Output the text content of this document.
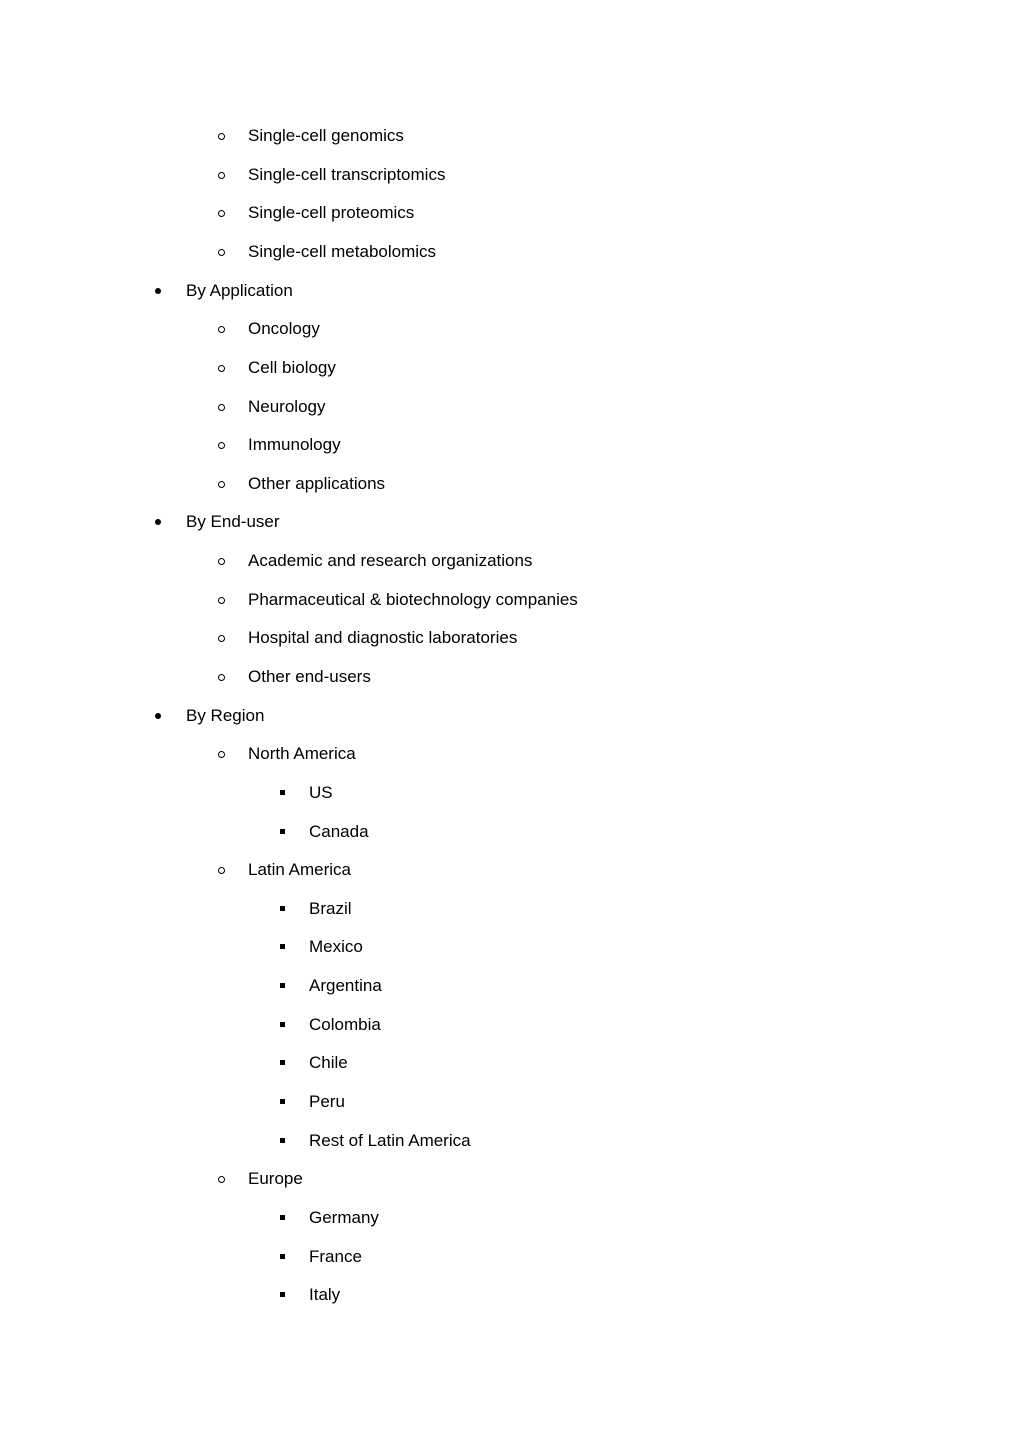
Single-cell genomics
Single-cell transcriptomics
Single-cell proteomics
Single-cell metabolomics
By Application
Oncology
Cell biology
Neurology
Immunology
Other applications
By End-user
Academic and research organizations
Pharmaceutical & biotechnology companies
Hospital and diagnostic laboratories
Other end-users
By Region
North America
US
Canada
Latin America
Brazil
Mexico
Argentina
Colombia
Chile
Peru
Rest of Latin America
Europe
Germany
France
Italy
